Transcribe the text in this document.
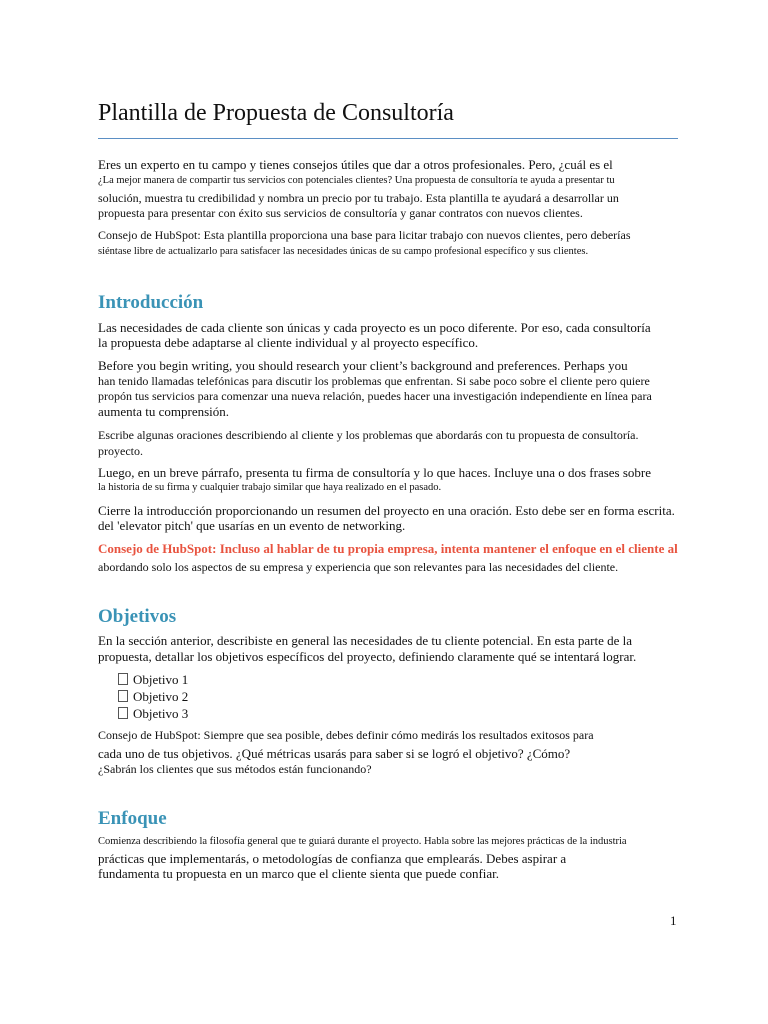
Plantilla de Propuesta de Consultoría

Eres un experto en tu campo y tienes consejos útiles que dar a otros profesionales. Pero, ¿cuál es el

¿La mejor manera de compartir tus servicios con potenciales clientes? Una propuesta de consultoría te ayuda a presentar tu

solución, muestra tu credibilidad y nombra un precio por tu trabajo. Esta plantilla te ayudará a desarrollar un

propuesta para presentar con éxito sus servicios de consultoría y ganar contratos con nuevos clientes.

Consejo de HubSpot: Esta plantilla proporciona una base para licitar trabajo con nuevos clientes, pero deberías

siéntase libre de actualizarlo para satisfacer las necesidades únicas de su campo profesional específico y sus clientes.

Introducción

Las necesidades de cada cliente son únicas y cada proyecto es un poco diferente. Por eso, cada consultoría

la propuesta debe adaptarse al cliente individual y al proyecto específico.

Before you begin writing, you should research your client’s background and preferences. Perhaps you

han tenido llamadas telefónicas para discutir los problemas que enfrentan. Si sabe poco sobre el cliente pero quiere

propón tus servicios para comenzar una nueva relación, puedes hacer una investigación independiente en línea para

aumenta tu comprensión.

Escribe algunas oraciones describiendo al cliente y los problemas que abordarás con tu propuesta de consultoría.

proyecto.

Luego, en un breve párrafo, presenta tu firma de consultoría y lo que haces. Incluye una o dos frases sobre

la historia de su firma y cualquier trabajo similar que haya realizado en el pasado.

Cierre la introducción proporcionando un resumen del proyecto en una oración. Esto debe ser en forma escrita.

del 'elevator pitch' que usarías en un evento de networking.

Consejo de HubSpot: Incluso al hablar de tu propia empresa, intenta mantener el enfoque en el cliente al

abordando solo los aspectos de su empresa y experiencia que son relevantes para las necesidades del cliente.

Objetivos

En la sección anterior, describiste en general las necesidades de tu cliente potencial. En esta parte de la

propuesta, detallar los objetivos específicos del proyecto, definiendo claramente qué se intentará lograr.

Objetivo 1
Objetivo 2
Objetivo 3

Consejo de HubSpot: Siempre que sea posible, debes definir cómo medirás los resultados exitosos para

cada uno de tus objetivos. ¿Qué métricas usarás para saber si se logró el objetivo? ¿Cómo?

¿Sabrán los clientes que sus métodos están funcionando?

Enfoque

Comienza describiendo la filosofía general que te guiará durante el proyecto. Habla sobre las mejores prácticas de la industria

prácticas que implementarás, o metodologías de confianza que emplearás. Debes aspirar a

fundamenta tu propuesta en un marco que el cliente sienta que puede confiar.

1
